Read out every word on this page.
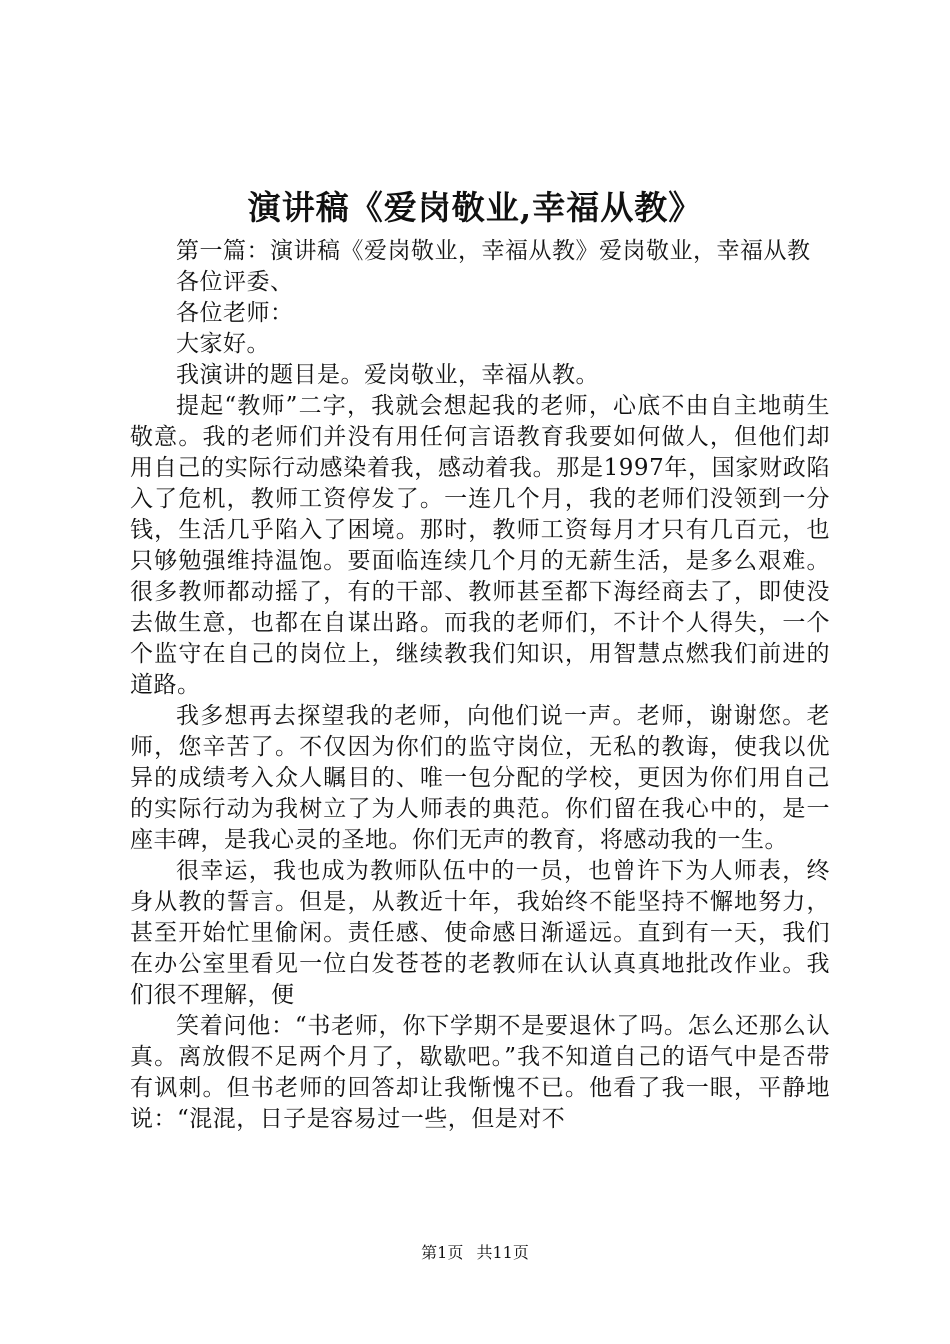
演讲稿《爱岗敬业,幸福从教》

第一篇：演讲稿《爱岗敬业，幸福从教》爱岗敬业，幸福从教

各位评委、

各位老师：

大家好。

我演讲的题目是。爱岗敬业，幸福从教。

提起“教师”二字，我就会想起我的老师，心底不由自主地萌生敬意。我的老师们并没有用任何言语教育我要如何做人，但他们却用自己的实际行动感染着我，感动着我。那是1997年，国家财政陷入了危机，教师工资停发了。一连几个月，我的老师们没领到一分钱，生活几乎陷入了困境。那时，教师工资每月才只有几百元，也只够勉强维持温饱。要面临连续几个月的无薪生活，是多么艰难。很多教师都动摇了，有的干部、教师甚至都下海经商去了，即使没去做生意，也都在自谋出路。而我的老师们，不计个人得失，一个个监守在自己的岗位上，继续教我们知识，用智慧点燃我们前进的道路。

我多想再去探望我的老师，向他们说一声。老师，谢谢您。老师，您辛苦了。不仅因为你们的监守岗位，无私的教诲，使我以优异的成绩考入众人瞩目的、唯一包分配的学校，更因为你们用自己的实际行动为我树立了为人师表的典范。你们留在我心中的，是一座丰碑，是我心灵的圣地。你们无声的教育，将感动我的一生。

很幸运，我也成为教师队伍中的一员，也曾许下为人师表，终身从教的誓言。但是，从教近十年，我始终不能坚持不懈地努力，甚至开始忙里偷闲。责任感、使命感日渐遥远。直到有一天，我们在办公室里看见一位白发苍苍的老教师在认认真真地批改作业。我们很不理解，便

笑着问他：“书老师，你下学期不是要退休了吗。怎么还那么认真。离放假不足两个月了，歇歇吧。”我不知道自己的语气中是否带有讽刺。但书老师的回答却让我惭愧不已。他看了我一眼，平静地说：“混混，日子是容易过一些，但是对不

第1页 共11页
